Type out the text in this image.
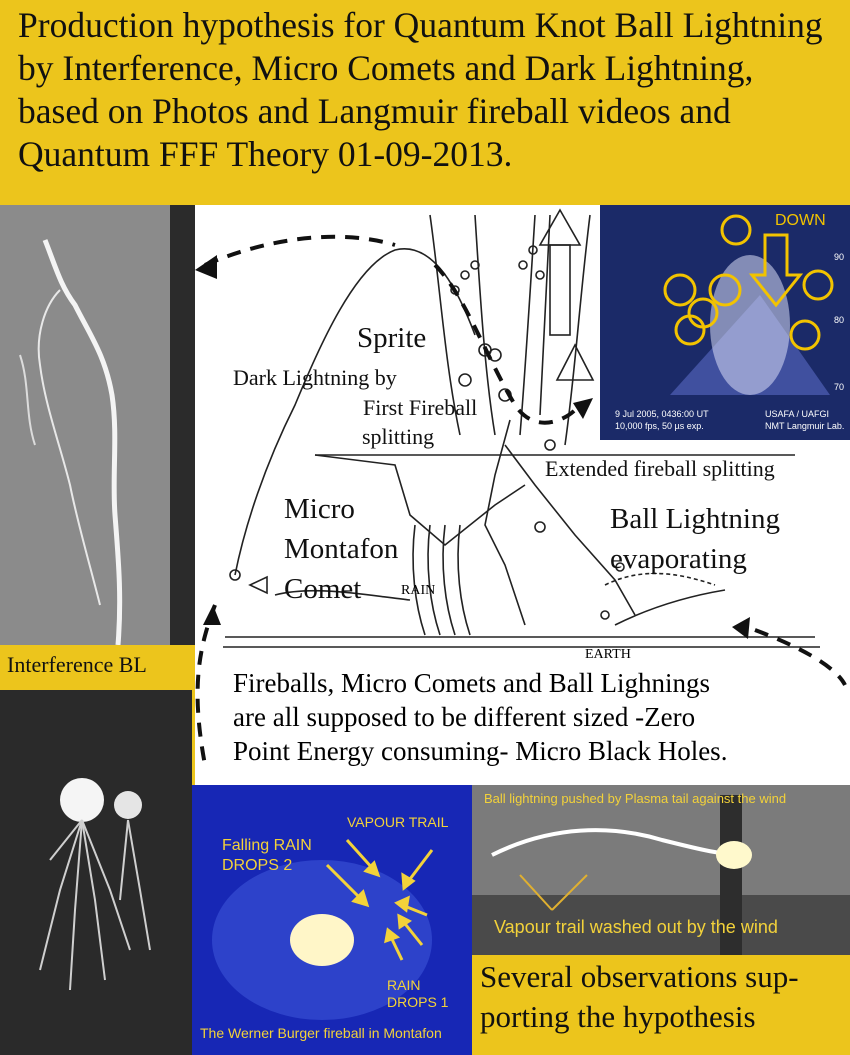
Production hypothesis for Quantum Knot Ball Lightning by Interference, Micro Comets and Dark Lightning, based on Photos and Langmuir fireball videos and Quantum FFF Theory 01-09-2013.
Sprite
Dark Lightning by
First Fireball
splitting
Extended fireball splitting
Micro
Montafon
Comet	RAIN
Ball Lightning
evaporating
EARTH
Fireballs, Micro Comets and Ball Lighnings
are all supposed to be different sized -Zero
Point Energy consuming- Micro Black Holes.
9 Jul 2005, 0436:00 UT
10,000 fps, 50 µs exp.
USAFA / UAFGI
NMT Langmuir Lab.
90
80
70
DOWN
Interference BL
VAPOUR TRAIL
Falling RAIN
DROPS 2
RAIN
DROPS 1
The Werner Burger fireball in Montafon
Ball lightning pushed by Plasma tail against the wind
Vapour trail washed out by the wind
Several observations sup-
porting the hypothesis
